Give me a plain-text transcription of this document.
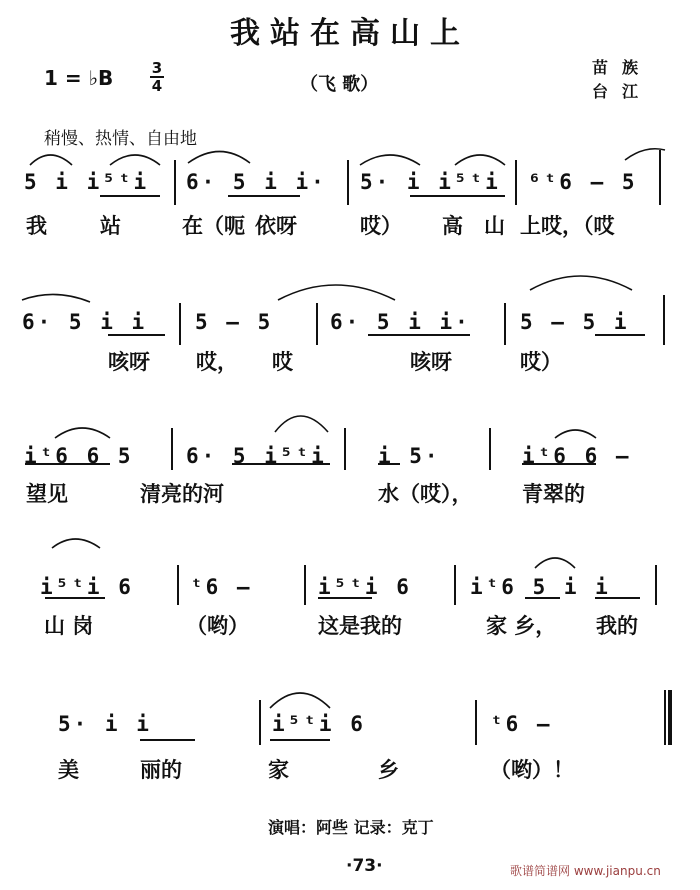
我站在高山上
1 = ♭B	3
4	（飞 歌）
苗族
台江
稍慢、热情、自由地
5 i i⁵ᵗi 6· 5 i i· 5· i i⁵ᵗi ⁶ᵗ6 – 5
我	站	在（呃 依呀	哎） 高 山 上哎，（哎
6· 5 i i 5 – 5	6· 5 i i· 5 – 5 i
咳呀 哎， 哎	咳呀	哎）
iᵗ6 6 5 6· 5 i⁵ᵗi i 5·	iᵗ6 6 –
望见	清亮的河	水（哎）， 青翠的
i⁵ᵗi 6	ᵗ6 –	i⁵ᵗi 6	iᵗ6 5 i i
山 岗	（哟）	这是我的	家 乡， 我的
5· i i	i⁵ᵗi 6	ᵗ6 –
美	丽的	家	乡	（哟）！
演唱：阿些 记录：克丁
·73·	歌谱简谱网 www.jianpu.cn
